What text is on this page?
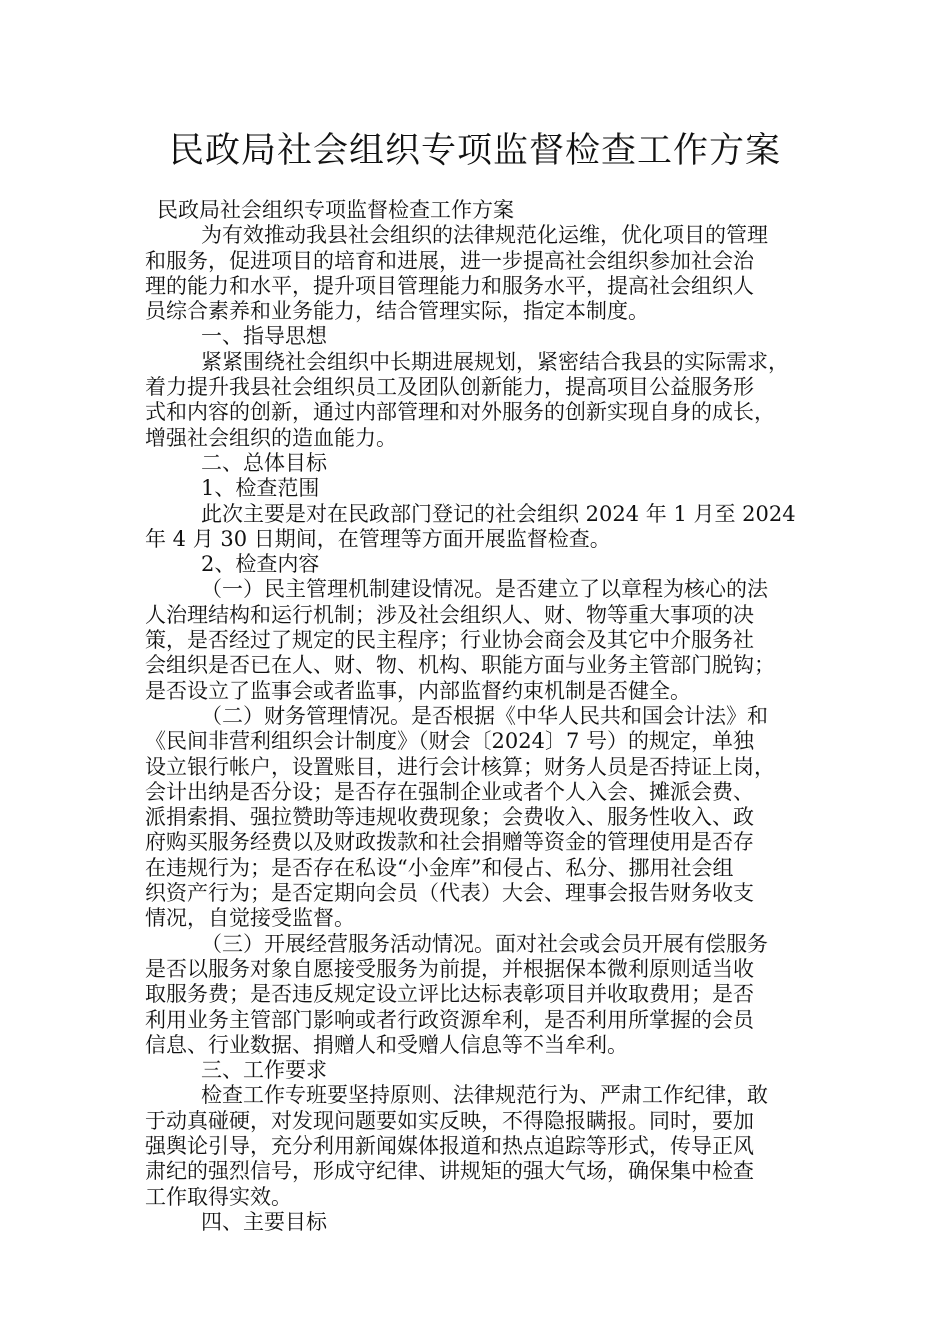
民政局社会组织专项监督检查工作方案
民政局社会组织专项监督检查工作方案
为有效推动我县社会组织的法律规范化运维，优化项目的管理
和服务，促进项目的培育和进展，进一步提高社会组织参加社会治
理的能力和水平，提升项目管理能力和服务水平，提高社会组织人
员综合素养和业务能力，结合管理实际，指定本制度。
一、指导思想
紧紧围绕社会组织中长期进展规划，紧密结合我县的实际需求，
着力提升我县社会组织员工及团队创新能力，提高项目公益服务形
式和内容的创新，通过内部管理和对外服务的创新实现自身的成长，
增强社会组织的造血能力。
二、总体目标
1、检查范围
此次主要是对在民政部门登记的社会组织 2024 年 1 月至 2024
年 4 月 30 日期间，在管理等方面开展监督检查。
2、检查内容
（一）民主管理机制建设情况。是否建立了以章程为核心的法
人治理结构和运行机制；涉及社会组织人、财、物等重大事项的决
策，是否经过了规定的民主程序；行业协会商会及其它中介服务社
会组织是否已在人、财、物、机构、职能方面与业务主管部门脱钩；
是否设立了监事会或者监事，内部监督约束机制是否健全。
（二）财务管理情况。是否根据《中华人民共和国会计法》和
《民间非营利组织会计制度》（财会〔2024〕7 号）的规定，单独
设立银行帐户，设置账目，进行会计核算；财务人员是否持证上岗，
会计出纳是否分设；是否存在强制企业或者个人入会、摊派会费、
派捐索捐、强拉赞助等违规收费现象；会费收入、服务性收入、政
府购买服务经费以及财政拨款和社会捐赠等资金的管理使用是否存
在违规行为；是否存在私设“小金库”和侵占、私分、挪用社会组
织资产行为；是否定期向会员（代表）大会、理事会报告财务收支
情况，自觉接受监督。
（三）开展经营服务活动情况。面对社会或会员开展有偿服务
是否以服务对象自愿接受服务为前提，并根据保本微利原则适当收
取服务费；是否违反规定设立评比达标表彰项目并收取费用；是否
利用业务主管部门影响或者行政资源牟利，是否利用所掌握的会员
信息、行业数据、捐赠人和受赠人信息等不当牟利。
三、工作要求
检查工作专班要坚持原则、法律规范行为、严肃工作纪律，敢
于动真碰硬，对发现问题要如实反映，不得隐报瞒报。同时，要加
强舆论引导，充分利用新闻媒体报道和热点追踪等形式，传导正风
肃纪的强烈信号，形成守纪律、讲规矩的强大气场，确保集中检查
工作取得实效。
四、主要目标
